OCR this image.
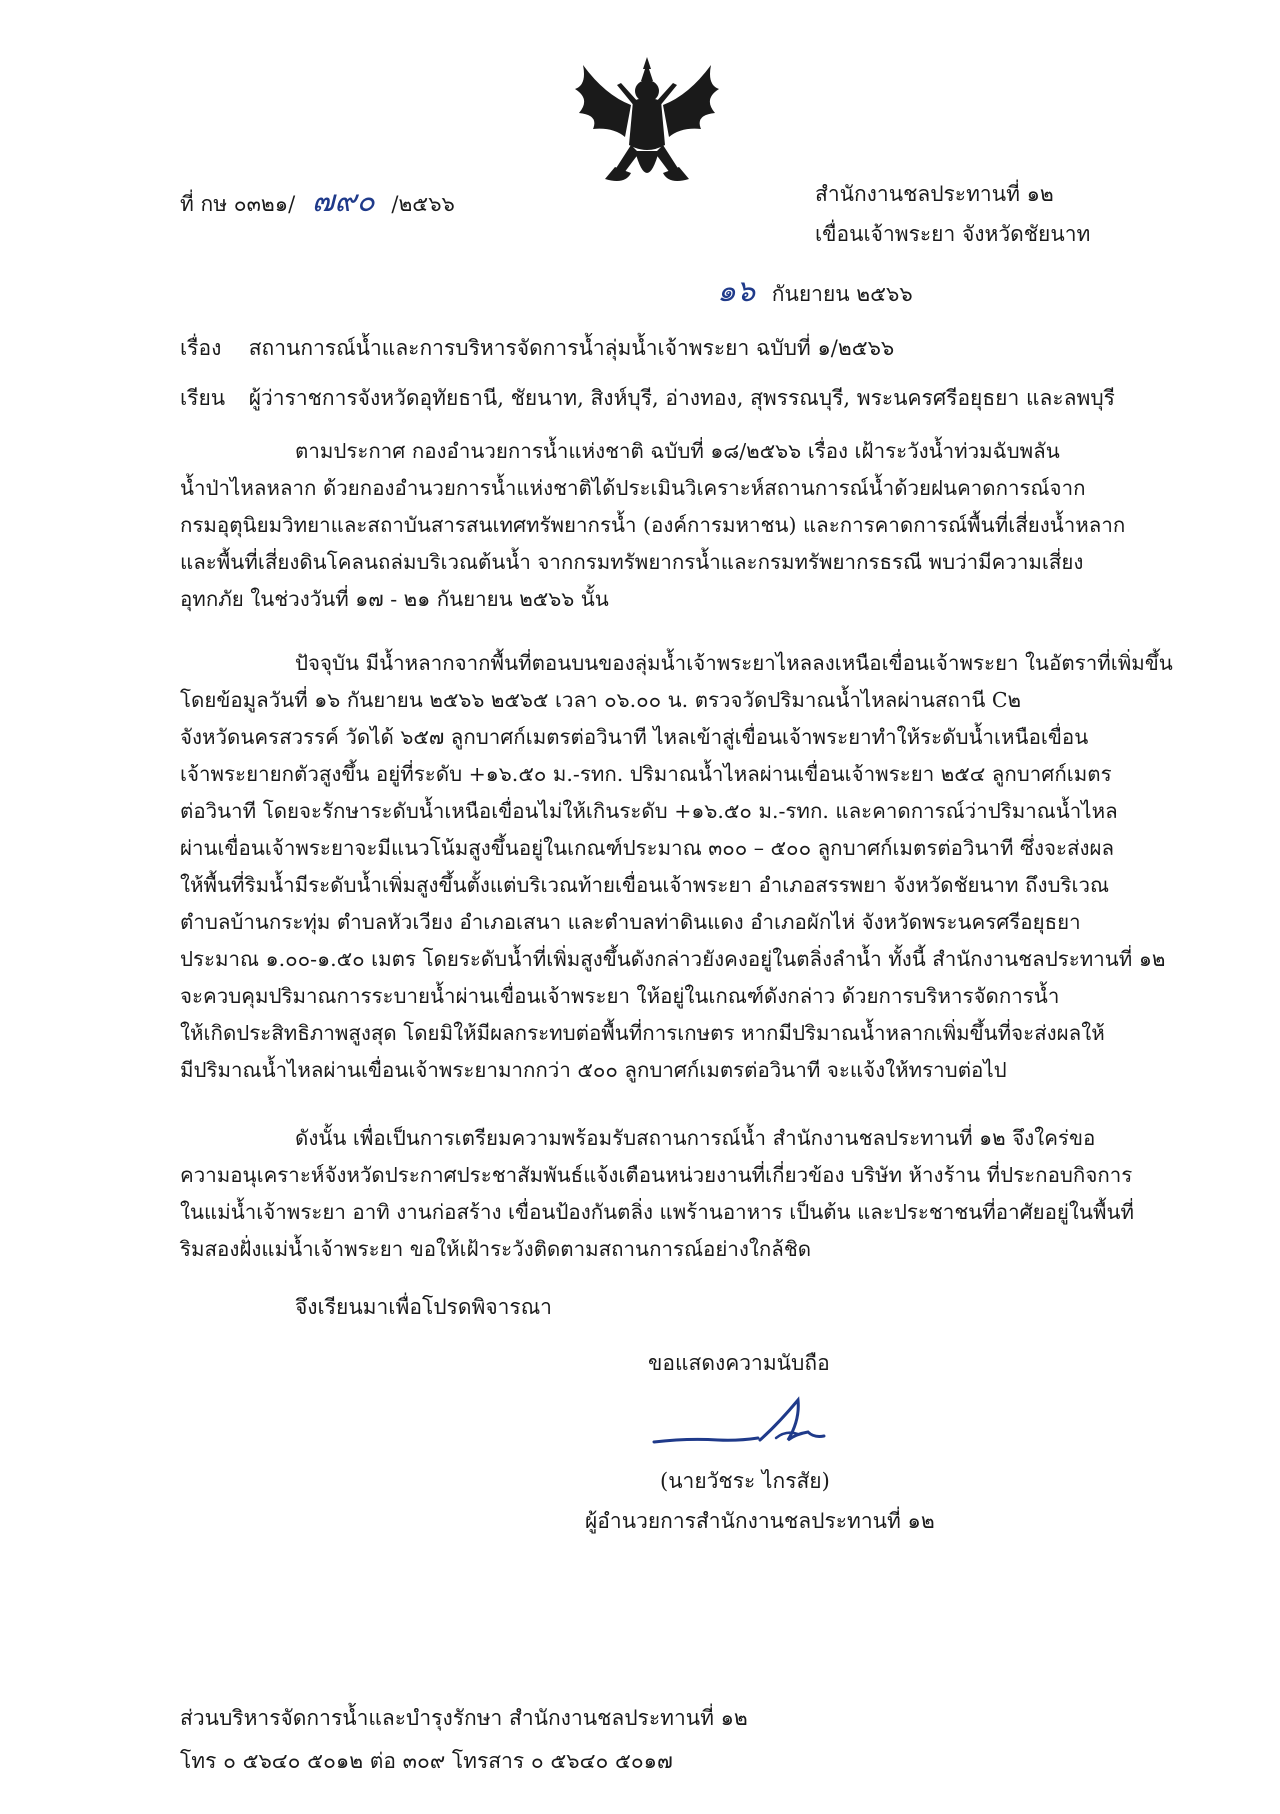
ที่ กษ ๐๓๒๑/ ๗๙๐ /๒๕๖๖	สำนักงานชลประทานที่ ๑๒
เขื่อนเจ้าพระยา จังหวัดชัยนาท
๑๖ กันยายน ๒๕๖๖
เรื่อง สถานการณ์น้ำและการบริหารจัดการน้ำลุ่มน้ำเจ้าพระยา ฉบับที่ ๑/๒๕๖๖
เรียน ผู้ว่าราชการจังหวัดอุทัยธานี, ชัยนาท, สิงห์บุรี, อ่างทอง, สุพรรณบุรี, พระนครศรีอยุธยา และลพบุรี
ตามประกาศ กองอำนวยการน้ำแห่งชาติ ฉบับที่ ๑๘/๒๕๖๖ เรื่อง เฝ้าระวังน้ำท่วมฉับพลัน
น้ำป่าไหลหลาก ด้วยกองอำนวยการน้ำแห่งชาติได้ประเมินวิเคราะห์สถานการณ์น้ำด้วยฝนคาดการณ์จาก
กรมอุตุนิยมวิทยาและสถาบันสารสนเทศทรัพยากรน้ำ (องค์การมหาชน) และการคาดการณ์พื้นที่เสี่ยงน้ำหลาก
และพื้นที่เสี่ยงดินโคลนถล่มบริเวณต้นน้ำ จากกรมทรัพยากรน้ำและกรมทรัพยากรธรณี พบว่ามีความเสี่ยง
อุทกภัย ในช่วงวันที่ ๑๗ - ๒๑ กันยายน ๒๕๖๖ นั้น
ปัจจุบัน มีน้ำหลากจากพื้นที่ตอนบนของลุ่มน้ำเจ้าพระยาไหลลงเหนือเขื่อนเจ้าพระยา ในอัตราที่เพิ่มขึ้น
โดยข้อมูลวันที่ ๑๖ กันยายน ๒๕๖๖ ๒๕๖๕ เวลา ๐๖.๐๐ น. ตรวจวัดปริมาณน้ำไหลผ่านสถานี C๒
จังหวัดนครสวรรค์ วัดได้ ๖๕๗ ลูกบาศก์เมตรต่อวินาที ไหลเข้าสู่เขื่อนเจ้าพระยาทำให้ระดับน้ำเหนือเขื่อน
เจ้าพระยายกตัวสูงขึ้น อยู่ที่ระดับ +๑๖.๕๐ ม.-รทก. ปริมาณน้ำไหลผ่านเขื่อนเจ้าพระยา ๒๕๔ ลูกบาศก์เมตร
ต่อวินาที โดยจะรักษาระดับน้ำเหนือเขื่อนไม่ให้เกินระดับ +๑๖.๕๐ ม.-รทก. และคาดการณ์ว่าปริมาณน้ำไหล
ผ่านเขื่อนเจ้าพระยาจะมีแนวโน้มสูงขึ้นอยู่ในเกณฑ์ประมาณ ๓๐๐ – ๕๐๐ ลูกบาศก์เมตรต่อวินาที ซึ่งจะส่งผล
ให้พื้นที่ริมน้ำมีระดับน้ำเพิ่มสูงขึ้นตั้งแต่บริเวณท้ายเขื่อนเจ้าพระยา อำเภอสรรพยา จังหวัดชัยนาท ถึงบริเวณ
ตำบลบ้านกระทุ่ม ตำบลหัวเวียง อำเภอเสนา และตำบลท่าดินแดง อำเภอผักไห่ จังหวัดพระนครศรีอยุธยา
ประมาณ ๑.๐๐-๑.๕๐ เมตร โดยระดับน้ำที่เพิ่มสูงขึ้นดังกล่าวยังคงอยู่ในตลิ่งลำน้ำ ทั้งนี้ สำนักงานชลประทานที่ ๑๒
จะควบคุมปริมาณการระบายน้ำผ่านเขื่อนเจ้าพระยา ให้อยู่ในเกณฑ์ดังกล่าว ด้วยการบริหารจัดการน้ำ
ให้เกิดประสิทธิภาพสูงสุด โดยมิให้มีผลกระทบต่อพื้นที่การเกษตร หากมีปริมาณน้ำหลากเพิ่มขึ้นที่จะส่งผลให้
มีปริมาณน้ำไหลผ่านเขื่อนเจ้าพระยามากกว่า ๕๐๐ ลูกบาศก์เมตรต่อวินาที จะแจ้งให้ทราบต่อไป
ดังนั้น เพื่อเป็นการเตรียมความพร้อมรับสถานการณ์น้ำ สำนักงานชลประทานที่ ๑๒ จึงใคร่ขอ
ความอนุเคราะห์จังหวัดประกาศประชาสัมพันธ์แจ้งเตือนหน่วยงานที่เกี่ยวข้อง บริษัท ห้างร้าน ที่ประกอบกิจการ
ในแม่น้ำเจ้าพระยา อาทิ งานก่อสร้าง เขื่อนป้องกันตลิ่ง แพร้านอาหาร เป็นต้น และประชาชนที่อาศัยอยู่ในพื้นที่
ริมสองฝั่งแม่น้ำเจ้าพระยา ขอให้เฝ้าระวังติดตามสถานการณ์อย่างใกล้ชิด
จึงเรียนมาเพื่อโปรดพิจารณา
ขอแสดงความนับถือ
(นายวัชระ ไกรสัย)
ผู้อำนวยการสำนักงานชลประทานที่ ๑๒
ส่วนบริหารจัดการน้ำและบำรุงรักษา สำนักงานชลประทานที่ ๑๒
โทร ๐ ๕๖๔๐ ๕๐๑๒ ต่อ ๓๐๙ โทรสาร ๐ ๕๖๔๐ ๕๐๑๗
